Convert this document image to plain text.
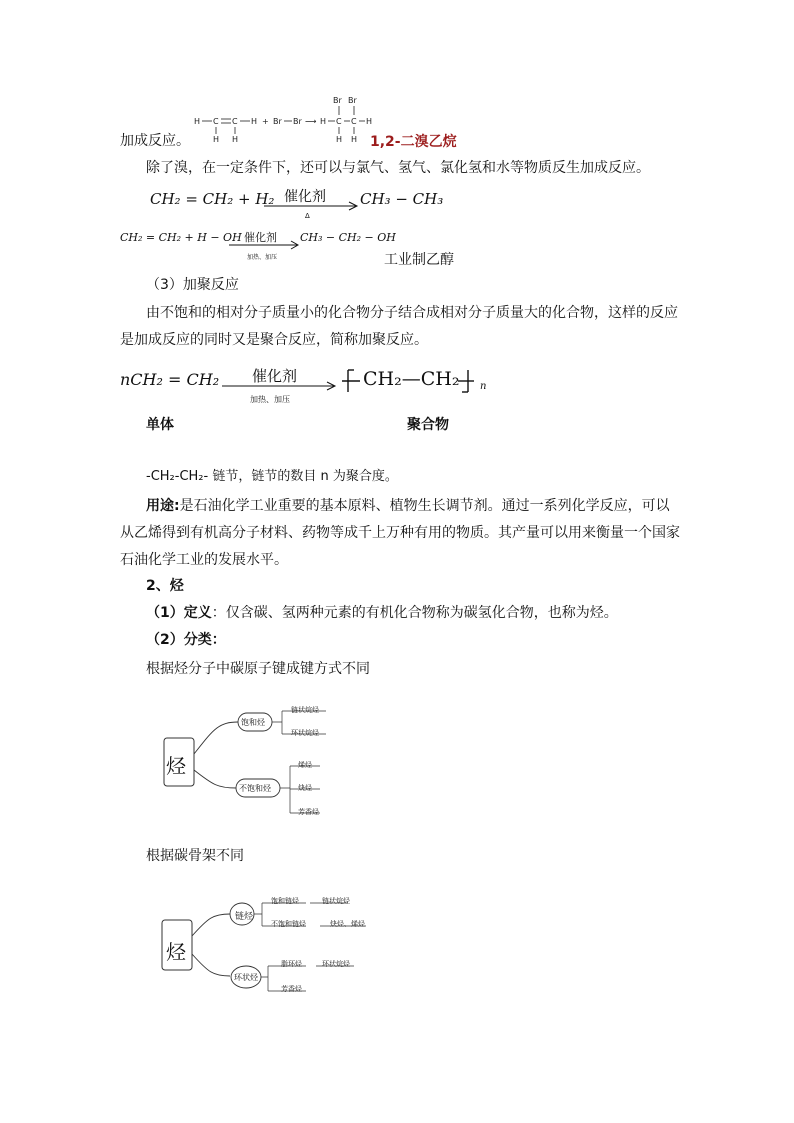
H C C H
H H
+ Br Br ⟶ H C C H
Br Br
H H
加成反应。	1,2-二溴乙烷
除了溴，在一定条件下，还可以与氯气、氢气、氯化氢和水等物质反生加成反应。
CH₂ = CH₂ + H₂ 催化剂
Δ
CH₃ − CH₃
CH₂ = CH₂ + H − OH 催化剂
加热、加压
CH₃ − CH₂ − OH
工业制乙醇
（3）加聚反应
由不饱和的相对分子质量小的化合物分子结合成相对分子质量大的化合物，这样的反应
是加成反应的同时又是聚合反应，简称加聚反应。
nCH₂ = CH₂ 催化剂
加热、加压
CH₂—CH₂ n
单体	聚合物
-CH₂-CH₂- 链节，链节的数目 n 为聚合度。
用途:是石油化学工业重要的基本原料、植物生长调节剂。通过一系列化学反应，可以
从乙烯得到有机高分子材料、药物等成千上万种有用的物质。其产量可以用来衡量一个国家
石油化学工业的发展水平。
2、烃
（1）定义：仅含碳、氢两种元素的有机化合物称为碳氢化合物，也称为烃。
（2）分类：
根据烃分子中碳原子键成键方式不同
烃
饱和烃
不饱和烃
链状烷烃
环状烷烃
烯烃
炔烃
芳香烃
根据碳骨架不同
烃
链烃
环状烃
饱和链烃	链状烷烃
不饱和链烃	炔烃、烯烃
脂环烃	环状烷烃
芳香烃
